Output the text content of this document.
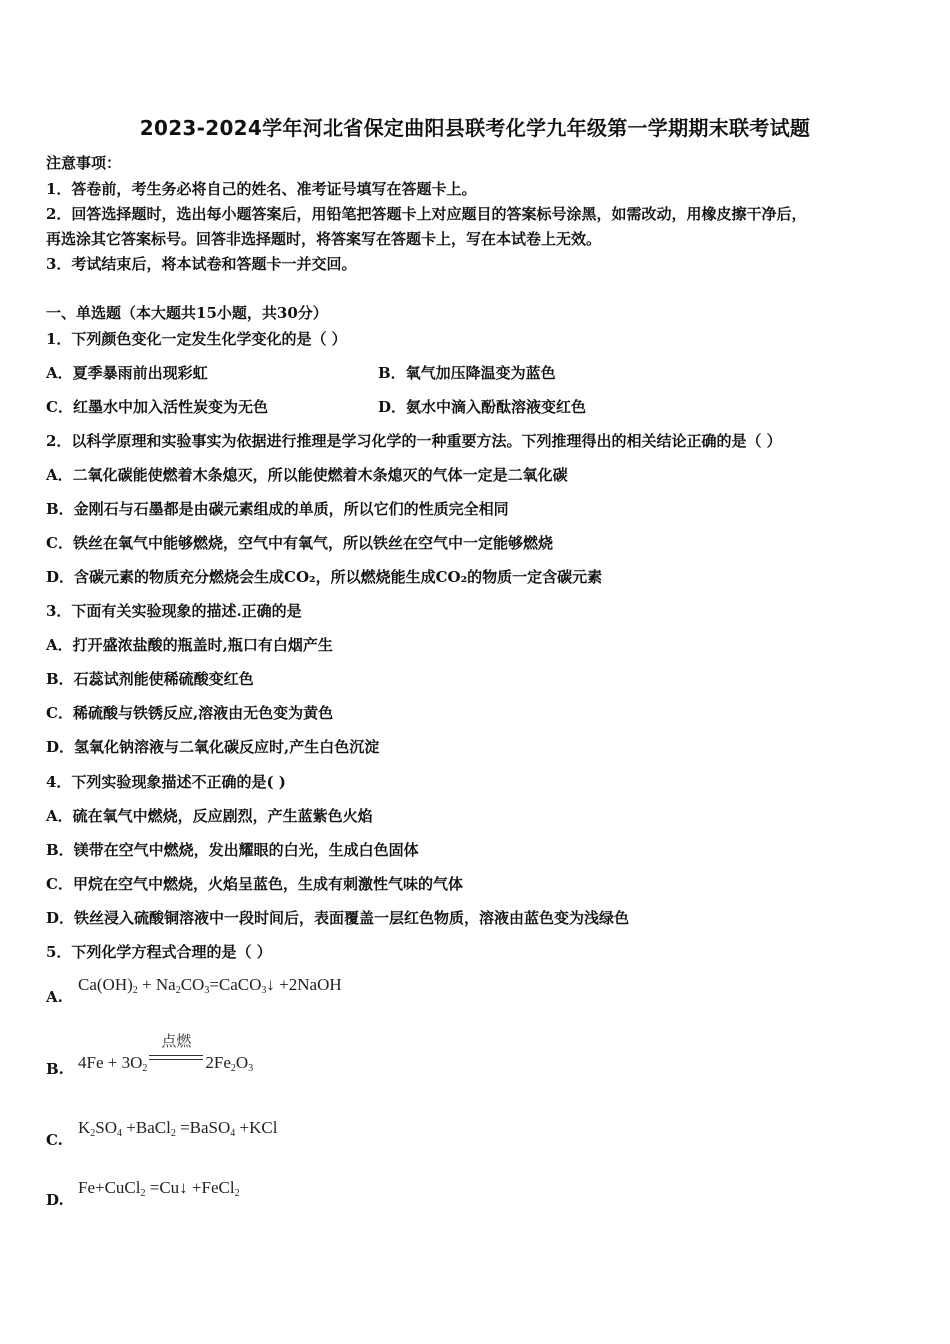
2023-2024学年河北省保定曲阳县联考化学九年级第一学期期末联考试题
注意事项：
1．答卷前，考生务必将自己的姓名、准考证号填写在答题卡上。
2．回答选择题时，选出每小题答案后，用铅笔把答题卡上对应题目的答案标号涂黑，如需改动，用橡皮擦干净后，
再选涂其它答案标号。回答非选择题时，将答案写在答题卡上，写在本试卷上无效。
3．考试结束后，将本试卷和答题卡一并交回。
一、单选题（本大题共15小题，共30分）
1．下列颜色变化一定发生化学变化的是（ ）
A．夏季暴雨前出现彩虹	B．氧气加压降温变为蓝色
C．红墨水中加入活性炭变为无色	D．氨水中滴入酚酞溶液变红色
2．以科学原理和实验事实为依据进行推理是学习化学的一种重要方法。下列推理得出的相关结论正确的是（ ）
A．二氧化碳能使燃着木条熄灭，所以能使燃着木条熄灭的气体一定是二氧化碳
B．金刚石与石墨都是由碳元素组成的单质，所以它们的性质完全相同
C．铁丝在氧气中能够燃烧，空气中有氧气，所以铁丝在空气中一定能够燃烧
D．含碳元素的物质充分燃烧会生成CO₂，所以燃烧能生成CO₂的物质一定含碳元素
3．下面有关实验现象的描述.正确的是
A．打开盛浓盐酸的瓶盖时,瓶口有白烟产生
B．石蕊试剂能使稀硫酸变红色
C．稀硫酸与铁锈反应,溶液由无色变为黄色
D．氢氧化钠溶液与二氧化碳反应时,产生白色沉淀
4．下列实验现象描述不正确的是( )
A．硫在氧气中燃烧，反应剧烈，产生蓝紫色火焰
B．镁带在空气中燃烧，发出耀眼的白光，生成白色固体
C．甲烷在空气中燃烧，火焰呈蓝色，生成有刺激性气味的气体
D．铁丝浸入硫酸铜溶液中一段时间后，表面覆盖一层红色物质，溶液由蓝色变为浅绿色
5．下列化学方程式合理的是（ ）
A.
$Ca(OH)_2$ + $Na_2CO_3=CaCO_3↓$ +2NaOH
B. $4Fe + 3O_2$
点燃
$2Fe_2O_3$
C.
$K_2SO_4$ +BaCl$_2$ =BaSO$_4$ +KCl
D.
Fe+CuCl$_2$ =Cu↓ +FeCl$_2$
